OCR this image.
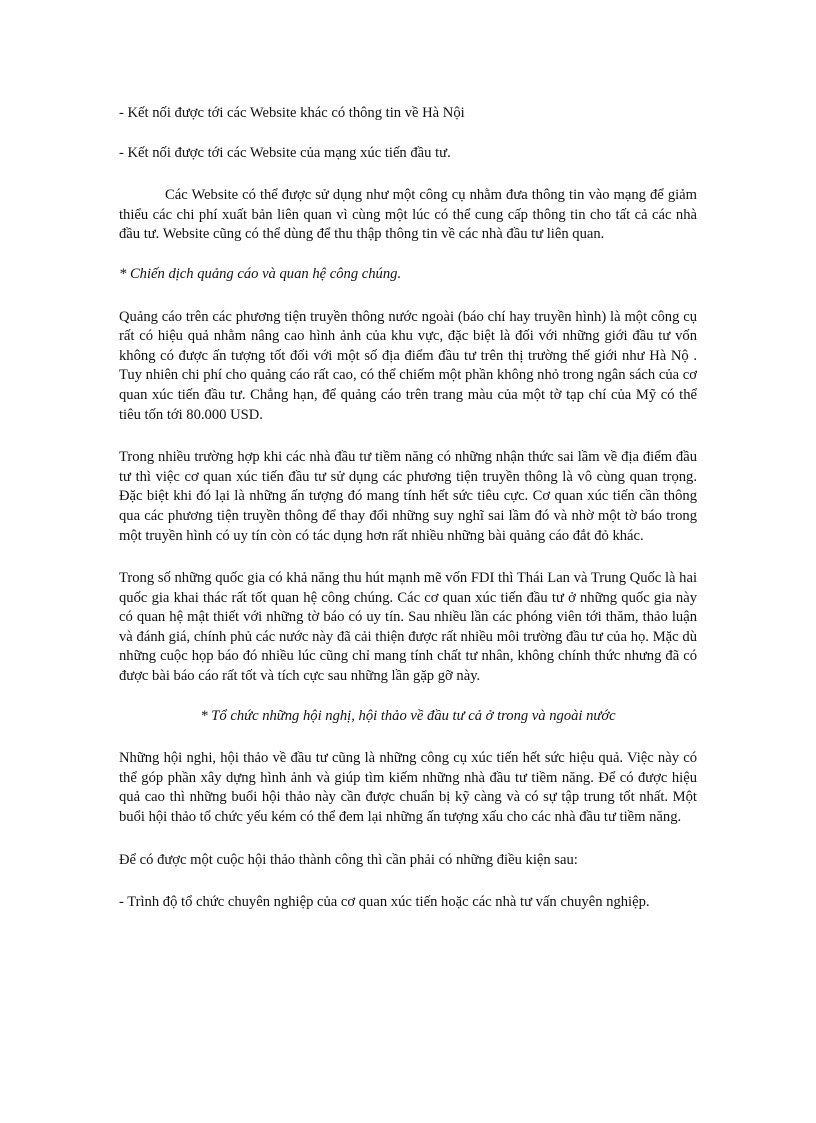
- Kết nối được tới các Website khác có thông tin về Hà Nội

- Kết nối được tới các Website của mạng xúc tiến đầu tư.

Các Website có thể được sử dụng như một công cụ nhằm đưa thông tin vào mạng để giảm thiểu các chi phí xuất bản liên quan vì cùng một lúc có thể cung cấp thông tin cho tất cả các nhà đầu tư. Website cũng có thể dùng để thu thập thông tin về các nhà đầu tư liên quan.

* Chiến dịch quảng cáo và quan hệ công chúng.

Quảng cáo trên các phương tiện truyền thông nước ngoài (báo chí hay truyền hình) là một công cụ rất có hiệu quả nhằm nâng cao hình ảnh của khu vực, đặc biệt là đối với những giới đầu tư vốn không có được ấn tượng tốt đối với một số địa điểm đầu tư trên thị trường thế giới như Hà Nộ . Tuy nhiên chi phí cho quảng cáo rất cao, có thể chiếm một phần không nhỏ trong ngân sách của cơ quan xúc tiến đầu tư. Chẳng hạn, để quảng cáo trên trang màu của một tờ tạp chí của Mỹ có thể tiêu tốn tới 80.000 USD.

Trong nhiều trường hợp khi các nhà đầu tư tiềm năng có những nhận thức sai lầm về địa điểm đầu tư thì việc cơ quan xúc tiến đầu tư sử dụng các phương tiện truyền thông là vô cùng quan trọng. Đặc biệt khi đó lại là những ấn tượng đó mang tính hết sức tiêu cực. Cơ quan xúc tiến cần thông qua các phương tiện truyền thông để thay đổi những suy nghĩ sai lầm đó và nhờ một tờ báo trong một truyền hình có uy tín còn có tác dụng hơn rất nhiều những bài quảng cáo đắt đỏ khác.

Trong số những quốc gia có khả năng thu hút mạnh mẽ vốn FDI thì Thái Lan và Trung Quốc là hai quốc gia khai thác rất tốt quan hệ công chúng. Các cơ quan xúc tiến đầu tư ở những quốc gia này có quan hệ mật thiết với những tờ báo có uy tín. Sau nhiều lần các phóng viên tới thăm, thảo luận và đánh giá, chính phủ các nước này đã cải thiện được rất nhiều môi trường đầu tư của họ. Mặc dù những cuộc họp báo đó nhiều lúc cũng chỉ mang tính chất tư nhân, không chính thức nhưng đã có được bài báo cáo rất tốt và tích cực sau những lần gặp gỡ này.

* Tổ chức những hội nghị, hội thảo về đầu tư cả ở trong và ngoài nước

Những hội nghi, hội thảo về đầu tư cũng là những công cụ xúc tiến hết sức hiệu quả. Việc này có thể góp phần xây dựng hình ảnh và giúp tìm kiếm những nhà đầu tư tiềm năng. Để có được hiệu quả cao thì những buổi hội thảo này cần được chuẩn bị kỹ càng và có sự tập trung tốt nhất. Một buổi hội thảo tổ chức yếu kém có thể đem lại những ấn tượng xấu cho các nhà đầu tư tiềm năng.

Để có được một cuộc hội thảo thành công thì cần phải có những điều kiện sau:

- Trình độ tổ chức chuyên nghiệp của cơ quan xúc tiến hoặc các nhà tư vấn chuyên nghiệp.
